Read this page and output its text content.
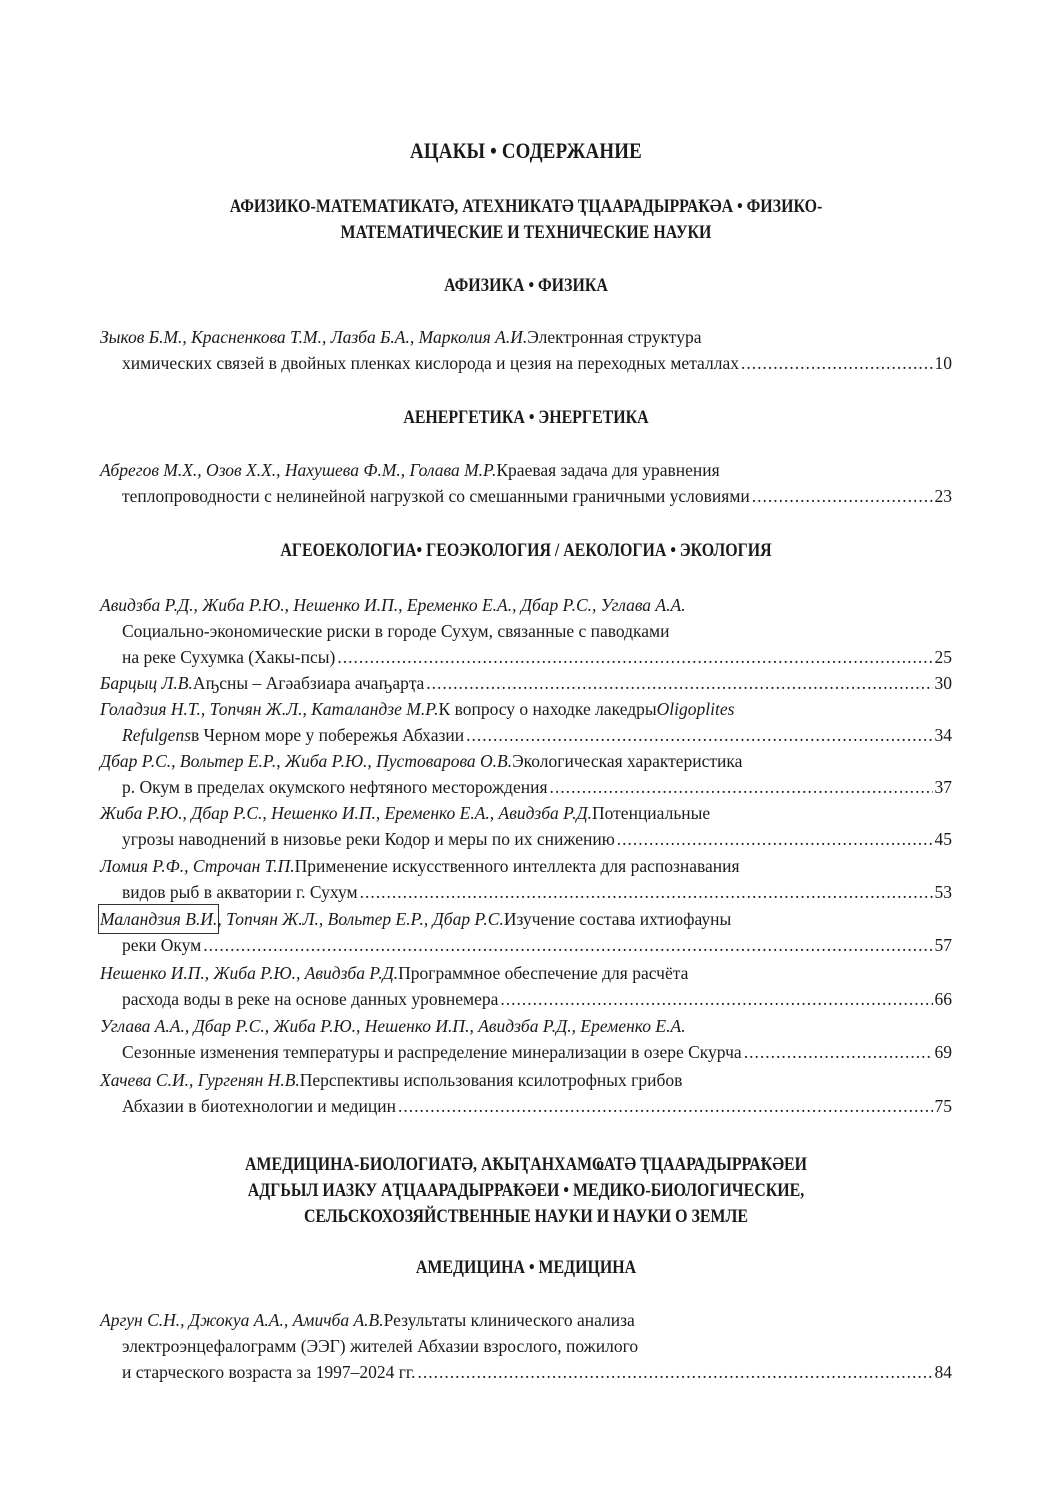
АЦАКЫ • СОДЕРЖАНИЕ
АФИЗИКО-МАТЕМАТИКАТƏ, АТЕХНИКАТƏ ҬЦААРАДЫРРАҞƏА • ФИЗИКО-
МАТЕМАТИЧЕСКИЕ И ТЕХНИЧЕСКИЕ НАУКИ
АФИЗИКА • ФИЗИКА
Зыков Б.М., Красненкова Т.М., Лазба Б.А., Марколия А.И. Электронная структура
химических связей в двойных пленках кислорода и цезия на переходных металлах .....	10
АЕНЕРГЕТИКА • ЭНЕРГЕТИКА
Абрегов М.Х., Озов Х.Х., Нахушева Ф.М., Голава М.Р. Краевая задача для уравнения
теплопроводности с нелинейной нагрузкой со смешанными граничными условиями .....	23
АГЕОЕКОЛОГИА• ГЕОЭКОЛОГИЯ / АЕКОЛОГИА • ЭКОЛОГИЯ
Авидзба Р.Д., Жиба Р.Ю., Нешенко И.П., Еременко Е.А., Дбар Р.С., Углава А.А.
Социально-экономические риски в городе Сухум, связанные с паводками
на реке Сухумка (Хакы-псы) .....	25
Барцыц Л.В. Аҧсны – Агəабзиара ачаҧарҭа .....	30
Голадзия Н.Т., Топчян Ж.Л., Каталандзе М.Р. К вопросу о находке лакедры Oligoplites
Refulgens в Черном море у побережья Абхазии .....	34
Дбар Р.С., Вольтер Е.Р., Жиба Р.Ю., Пустоварова О.В. Экологическая характеристика
р. Окум в пределах окумского нефтяного месторождения .....	37
Жиба Р.Ю., Дбар Р.С., Нешенко И.П., Еременко Е.А., Авидзба Р.Д. Потенциальные
угрозы наводнений в низовье реки Кодор и меры по их снижению .....	45
Ломия Р.Ф., Строчан Т.П. Применение искусственного интеллекта для распознавания
видов рыб в акватории г. Сухум .....	53
Маландзия В.И. , Топчян Ж.Л., Вольтер Е.Р., Дбар Р.С. Изучение состава ихтиофауны
реки Окум .....	57
Нешенко И.П., Жиба Р.Ю., Авидзба Р.Д. Программное обеспечение для расчёта
расхода воды в реке на основе данных уровнемера .....	66
Углава А.А., Дбар Р.С., Жиба Р.Ю., Нешенко И.П., Авидзба Р.Д., Еременко Е.А.
Сезонные изменения температуры и распределение минерализации в озере Скурча .....	69
Хачева С.И., Гургенян Н.В. Перспективы использования ксилотрофных грибов
Абхазии в биотехнологии и медицин .....	75
АМЕДИЦИНА-БИОЛОГИАТƏ, АҞЫҬАНХАМҨАТƏ ҬЦААРАДЫРРАҞƏЕИ
АДГЬЫЛ ИАЗКУ АҬЦААРАДЫРРАҞƏЕИ • МЕДИКО-БИОЛОГИЧЕСКИЕ,
СЕЛЬСКОХОЗЯЙСТВЕННЫЕ НАУКИ И НАУКИ О ЗЕМЛЕ
АМЕДИЦИНА • МЕДИЦИНА
Аргун С.Н., Джокуа А.А., Амичба А.В. Результаты клинического анализа
электроэнцефалограмм (ЭЭГ) жителей Абхазии взрослого, пожилого
и старческого возраста за 1997–2024 гг. .....	84
